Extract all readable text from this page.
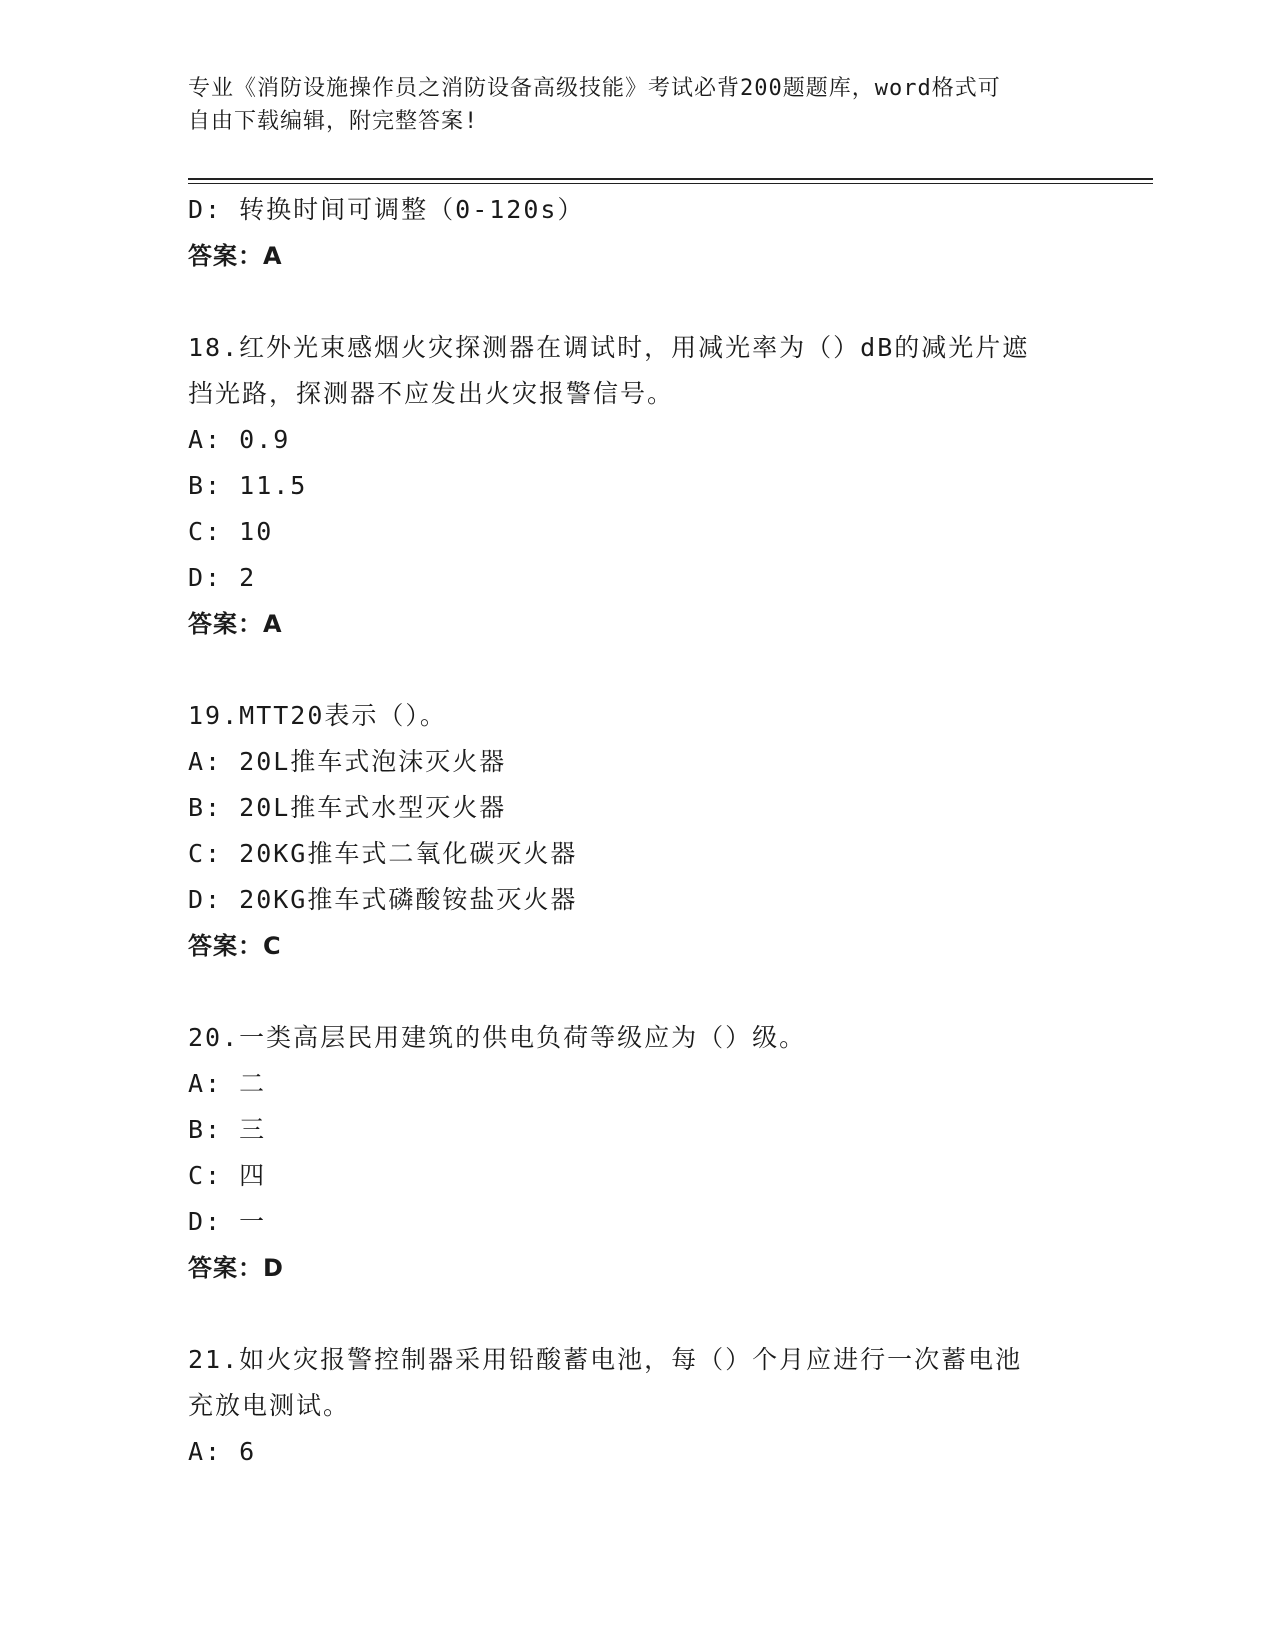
专业《消防设施操作员之消防设备高级技能》考试必背200题题库，word格式可
自由下载编辑，附完整答案!
D: 转换时间可调整（0-120s）
答案：A
18.红外光束感烟火灾探测器在调试时，用减光率为（）dB的减光片遮
挡光路，探测器不应发出火灾报警信号。
A: 0.9
B: 11.5
C: 10
D: 2
答案：A
19.MTT20表示（）。
A: 20L推车式泡沫灭火器
B: 20L推车式水型灭火器
C: 20KG推车式二氧化碳灭火器
D: 20KG推车式磷酸铵盐灭火器
答案：C
20.一类高层民用建筑的供电负荷等级应为（）级。
A: 二
B: 三
C: 四
D: 一
答案：D
21.如火灾报警控制器采用铅酸蓄电池，每（）个月应进行一次蓄电池
充放电测试。
A: 6
